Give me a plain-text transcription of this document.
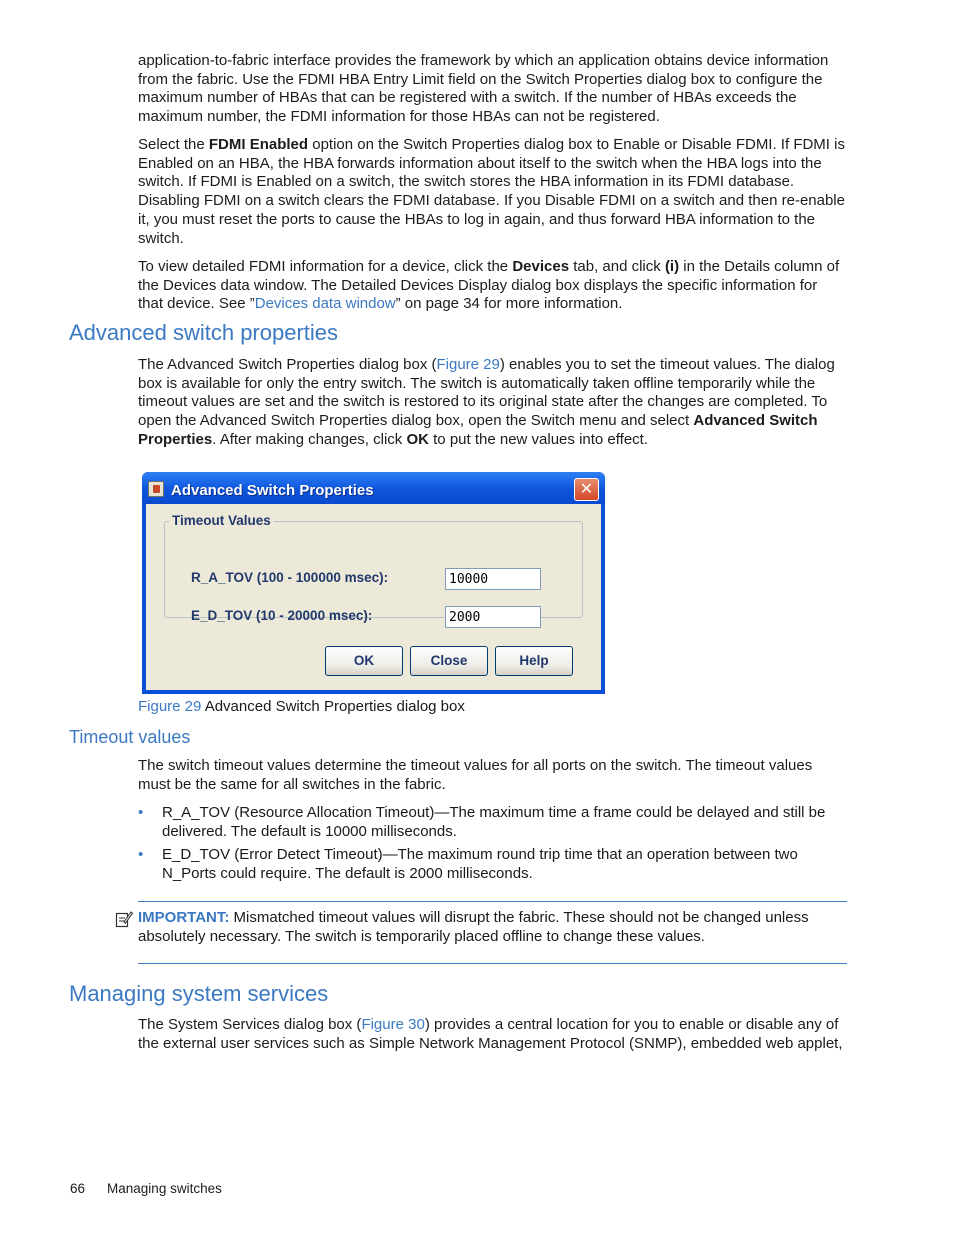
application-to-fabric interface provides the framework by which an application obtains device information from the fabric. Use the FDMI HBA Entry Limit field on the Switch Properties dialog box to configure the maximum number of HBAs that can be registered with a switch. If the number of HBAs exceeds the maximum number, the FDMI information for those HBAs can not be registered.

Select the FDMI Enabled option on the Switch Properties dialog box to Enable or Disable FDMI. If FDMI is Enabled on an HBA, the HBA forwards information about itself to the switch when the HBA logs into the switch. If FDMI is Enabled on a switch, the switch stores the HBA information in its FDMI database. Disabling FDMI on a switch clears the FDMI database. If you Disable FDMI on a switch and then re-enable it, you must reset the ports to cause the HBAs to log in again, and thus forward HBA information to the switch.

To view detailed FDMI information for a device, click the Devices tab, and click (i) in the Details column of the Devices data window. The Detailed Devices Display dialog box displays the specific information for that device. See ”Devices data window” on page 34 for more information.

Advanced switch properties

The Advanced Switch Properties dialog box (Figure 29) enables you to set the timeout values. The dialog box is available for only the entry switch. The switch is automatically taken offline temporarily while the timeout values are set and the switch is restored to its original state after the changes are completed. To open the Advanced Switch Properties dialog box, open the Switch menu and select Advanced Switch Properties. After making changes, click OK to put the new values into effect.

Advanced Switch Properties	✕
Timeout Values
R_A_TOV (100 - 100000 msec):	10000
E_D_TOV (10 - 20000 msec):	2000
OK	Close	Help
Figure 29 Advanced Switch Properties dialog box
Timeout values

The switch timeout values determine the timeout values for all ports on the switch. The timeout values must be the same for all switches in the fabric.

• R_A_TOV (Resource Allocation Timeout)—The maximum time a frame could be delayed and still be delivered. The default is 10000 milliseconds.
• E_D_TOV (Error Detect Timeout)—The maximum round trip time that an operation between two N_Ports could require. The default is 2000 milliseconds.
IMPORTANT: Mismatched timeout values will disrupt the fabric. These should not be changed unless absolutely necessary. The switch is temporarily placed offline to change these values.
Managing system services

The System Services dialog box (Figure 30) provides a central location for you to enable or disable any of the external user services such as Simple Network Management Protocol (SNMP), embedded web applet,

66 Managing switches
